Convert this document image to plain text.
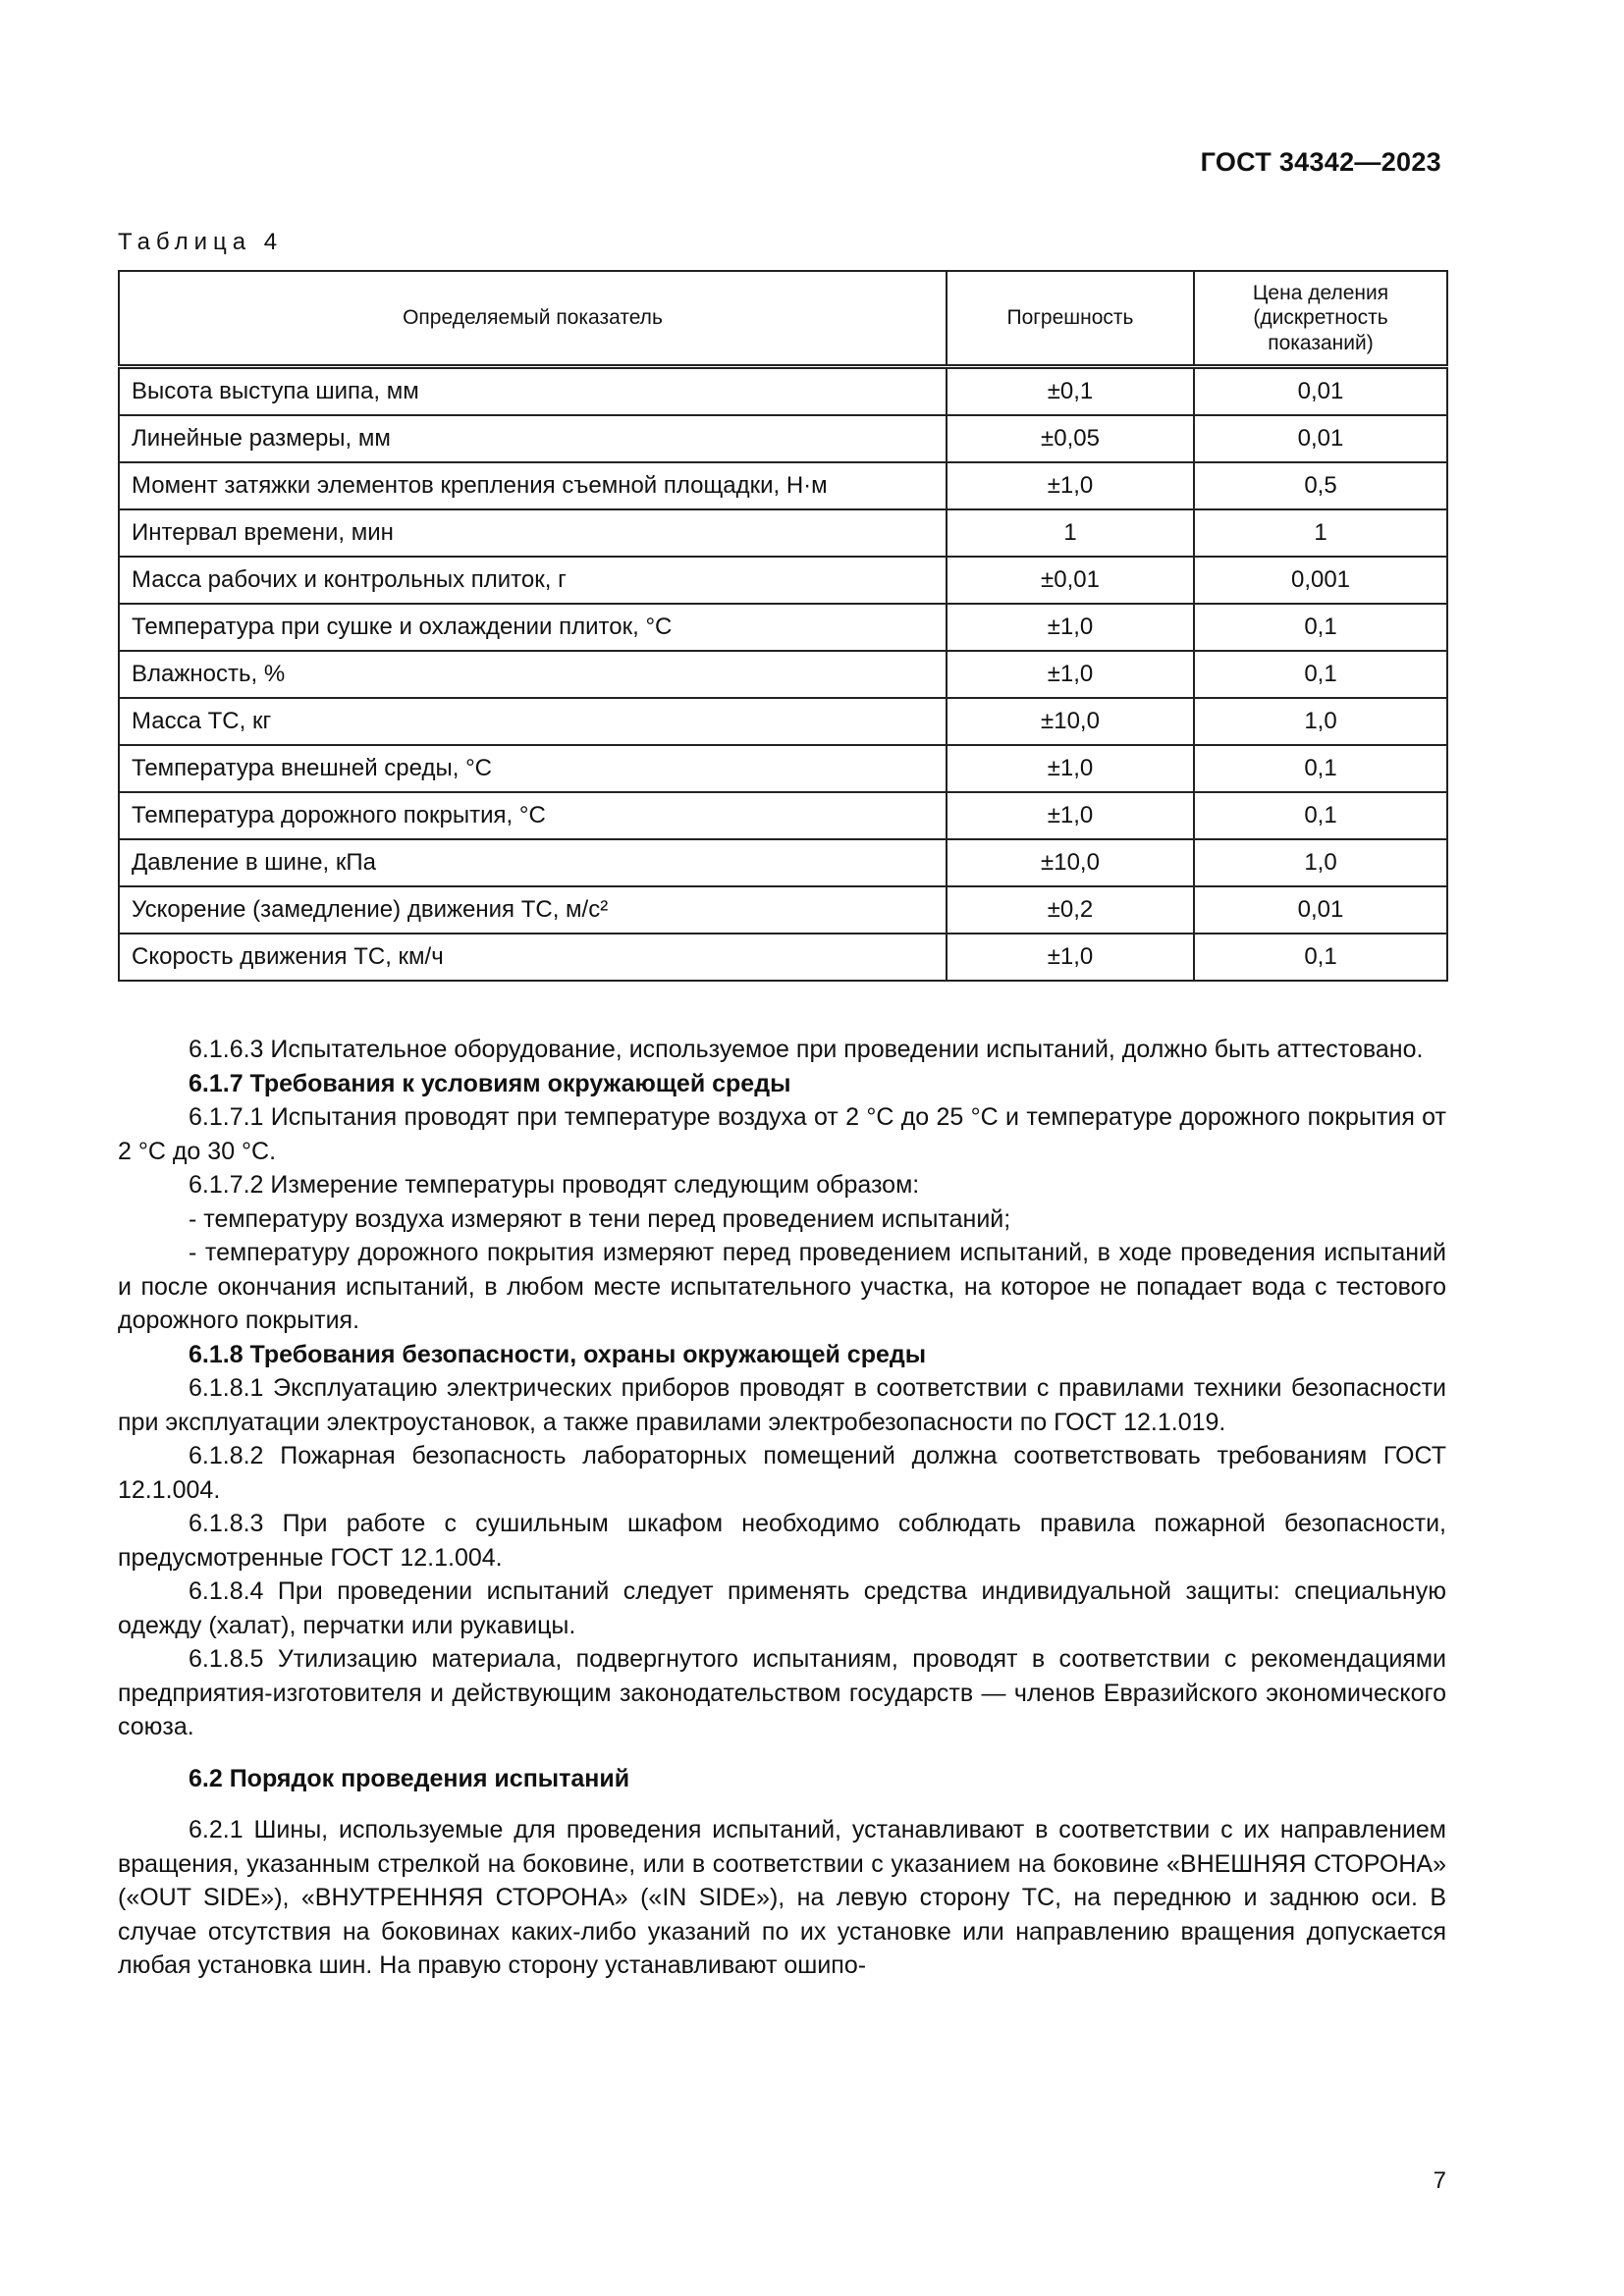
ГОСТ 34342—2023
Таблица 4
Определяемый показатель	Погрешность	Цена деления (дискретность показаний)
Высота выступа шипа, мм	±0,1	0,01
Линейные размеры, мм	±0,05	0,01
Момент затяжки элементов крепления съемной площадки, Н·м	±1,0	0,5
Интервал времени, мин	1	1
Масса рабочих и контрольных плиток, г	±0,01	0,001
Температура при сушке и охлаждении плиток, °С	±1,0	0,1
Влажность, %	±1,0	0,1
Масса ТС, кг	±10,0	1,0
Температура внешней среды, °С	±1,0	0,1
Температура дорожного покрытия, °С	±1,0	0,1
Давление в шине, кПа	±10,0	1,0
Ускорение (замедление) движения ТС, м/с²	±0,2	0,01
Скорость движения ТС, км/ч	±1,0	0,1

6.1.6.3 Испытательное оборудование, используемое при проведении испытаний, должно быть аттестовано.

6.1.7 Требования к условиям окружающей среды

6.1.7.1 Испытания проводят при температуре воздуха от 2 °С до 25 °С и температуре дорожного покрытия от 2 °С до 30 °С.

6.1.7.2 Измерение температуры проводят следующим образом:

- температуру воздуха измеряют в тени перед проведением испытаний;

- температуру дорожного покрытия измеряют перед проведением испытаний, в ходе проведения испытаний и после окончания испытаний, в любом месте испытательного участка, на которое не попадает вода с тестового дорожного покрытия.

6.1.8 Требования безопасности, охраны окружающей среды

6.1.8.1 Эксплуатацию электрических приборов проводят в соответствии с правилами техники безопасности при эксплуатации электроустановок, а также правилами электробезопасности по ГОСТ 12.1.019.

6.1.8.2 Пожарная безопасность лабораторных помещений должна соответствовать требованиям ГОСТ 12.1.004.

6.1.8.3 При работе с сушильным шкафом необходимо соблюдать правила пожарной безопасности, предусмотренные ГОСТ 12.1.004.

6.1.8.4 При проведении испытаний следует применять средства индивидуальной защиты: специальную одежду (халат), перчатки или рукавицы.

6.1.8.5 Утилизацию материала, подвергнутого испытаниям, проводят в соответствии с рекомендациями предприятия-изготовителя и действующим законодательством государств — членов Евразийского экономического союза.

6.2 Порядок проведения испытаний

6.2.1 Шины, используемые для проведения испытаний, устанавливают в соответствии с их направлением вращения, указанным стрелкой на боковине, или в соответствии с указанием на боковине «ВНЕШНЯЯ СТОРОНА» («OUT SIDE»), «ВНУТРЕННЯЯ СТОРОНА» («IN SIDE»), на левую сторону ТС, на переднюю и заднюю оси. В случае отсутствия на боковинах каких-либо указаний по их установке или направлению вращения допускается любая установка шин. На правую сторону устанавливают ошипо-

7
